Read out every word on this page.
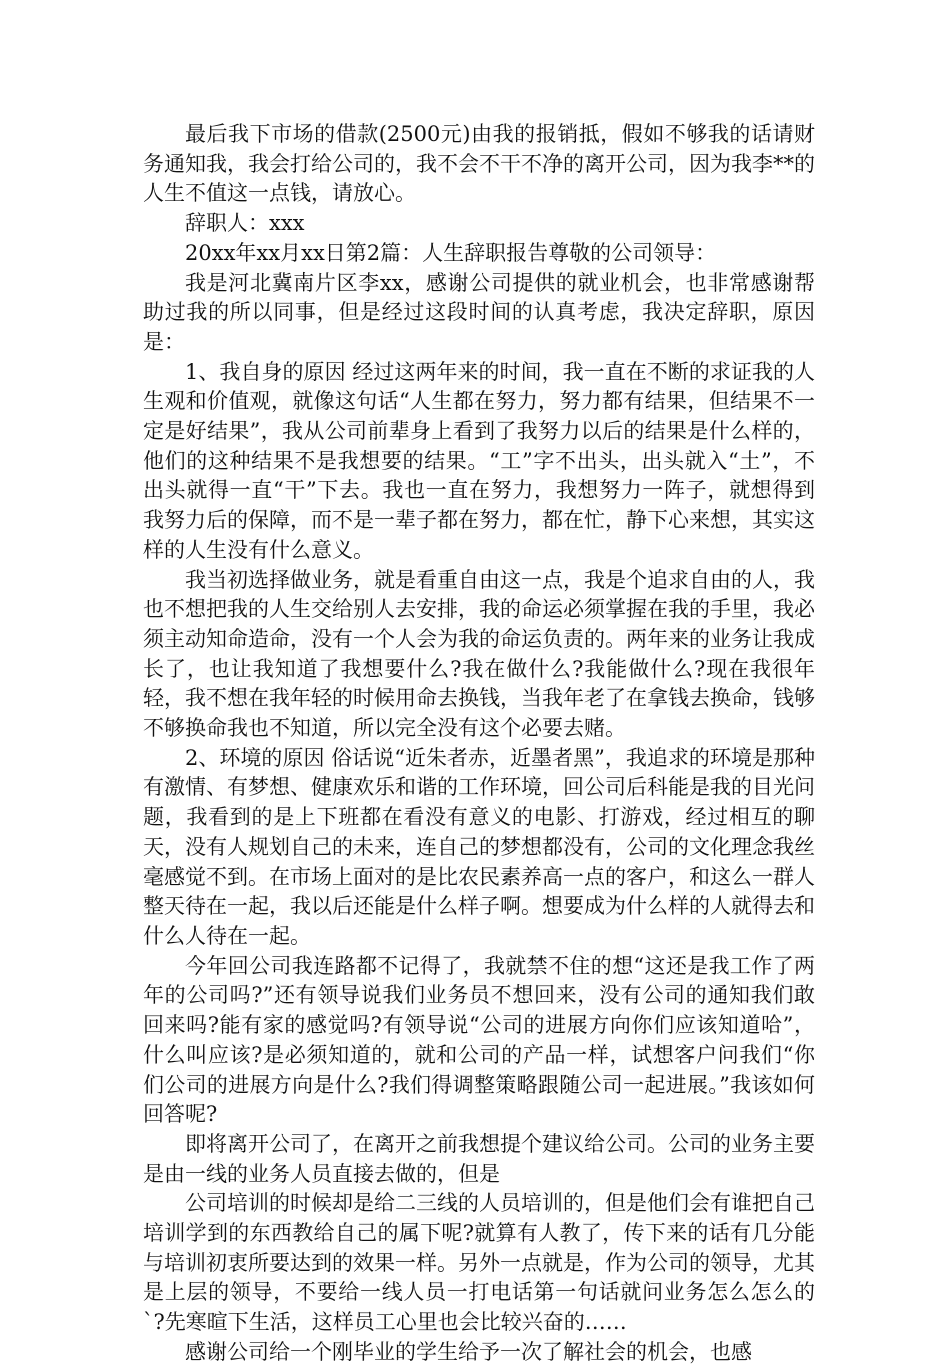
最后我下市场的借款(2500元)由我的报销抵，假如不够我的话请财务通知我，我会打给公司的，我不会不干不净的离开公司，因为我李**的人生不值这一点钱，请放心。

辞职人：xxx

20xx年xx月xx日第2篇：人生辞职报告尊敬的公司领导：

我是河北冀南片区李xx，感谢公司提供的就业机会，也非常感谢帮助过我的所以同事，但是经过这段时间的认真考虑，我决定辞职，原因是：

1、我自身的原因 经过这两年来的时间，我一直在不断的求证我的人生观和价值观，就像这句话“人生都在努力，努力都有结果，但结果不一定是好结果”，我从公司前辈身上看到了我努力以后的结果是什么样的，他们的这种结果不是我想要的结果。“工”字不出头，出头就入“土”，不出头就得一直“干”下去。我也一直在努力，我想努力一阵子，就想得到我努力后的保障，而不是一辈子都在努力，都在忙，静下心来想，其实这样的人生没有什么意义。

我当初选择做业务，就是看重自由这一点，我是个追求自由的人，我也不想把我的人生交给别人去安排，我的命运必须掌握在我的手里，我必须主动知命造命，没有一个人会为我的命运负责的。两年来的业务让我成长了，也让我知道了我想要什么?我在做什么?我能做什么?现在我很年轻，我不想在我年轻的时候用命去换钱，当我年老了在拿钱去换命，钱够不够换命我也不知道，所以完全没有这个必要去赌。

2、环境的原因 俗话说“近朱者赤，近墨者黑”，我追求的环境是那种有激情、有梦想、健康欢乐和谐的工作环境，回公司后科能是我的目光问题，我看到的是上下班都在看没有意义的电影、打游戏，经过相互的聊天，没有人规划自己的未来，连自己的梦想都没有，公司的文化理念我丝毫感觉不到。在市场上面对的是比农民素养高一点的客户，和这么一群人整天待在一起，我以后还能是什么样子啊。想要成为什么样的人就得去和什么人待在一起。

今年回公司我连路都不记得了，我就禁不住的想“这还是我工作了两年的公司吗?”还有领导说我们业务员不想回来，没有公司的通知我们敢回来吗?能有家的感觉吗?有领导说“公司的进展方向你们应该知道哈”，什么叫应该?是必须知道的，就和公司的产品一样，试想客户问我们“你们公司的进展方向是什么?我们得调整策略跟随公司一起进展。”我该如何回答呢?

即将离开公司了，在离开之前我想提个建议给公司。公司的业务主要是由一线的业务人员直接去做的，但是

公司培训的时候却是给二三线的人员培训的，但是他们会有谁把自己培训学到的东西教给自己的属下呢?就算有人教了，传下来的话有几分能与培训初衷所要达到的效果一样。另外一点就是，作为公司的领导，尤其是上层的领导，不要给一线人员一打电话第一句话就问业务怎么怎么的`?先寒暄下生活，这样员工心里也会比较兴奋的……

感谢公司给一个刚毕业的学生给予一次了解社会的机会，也感
